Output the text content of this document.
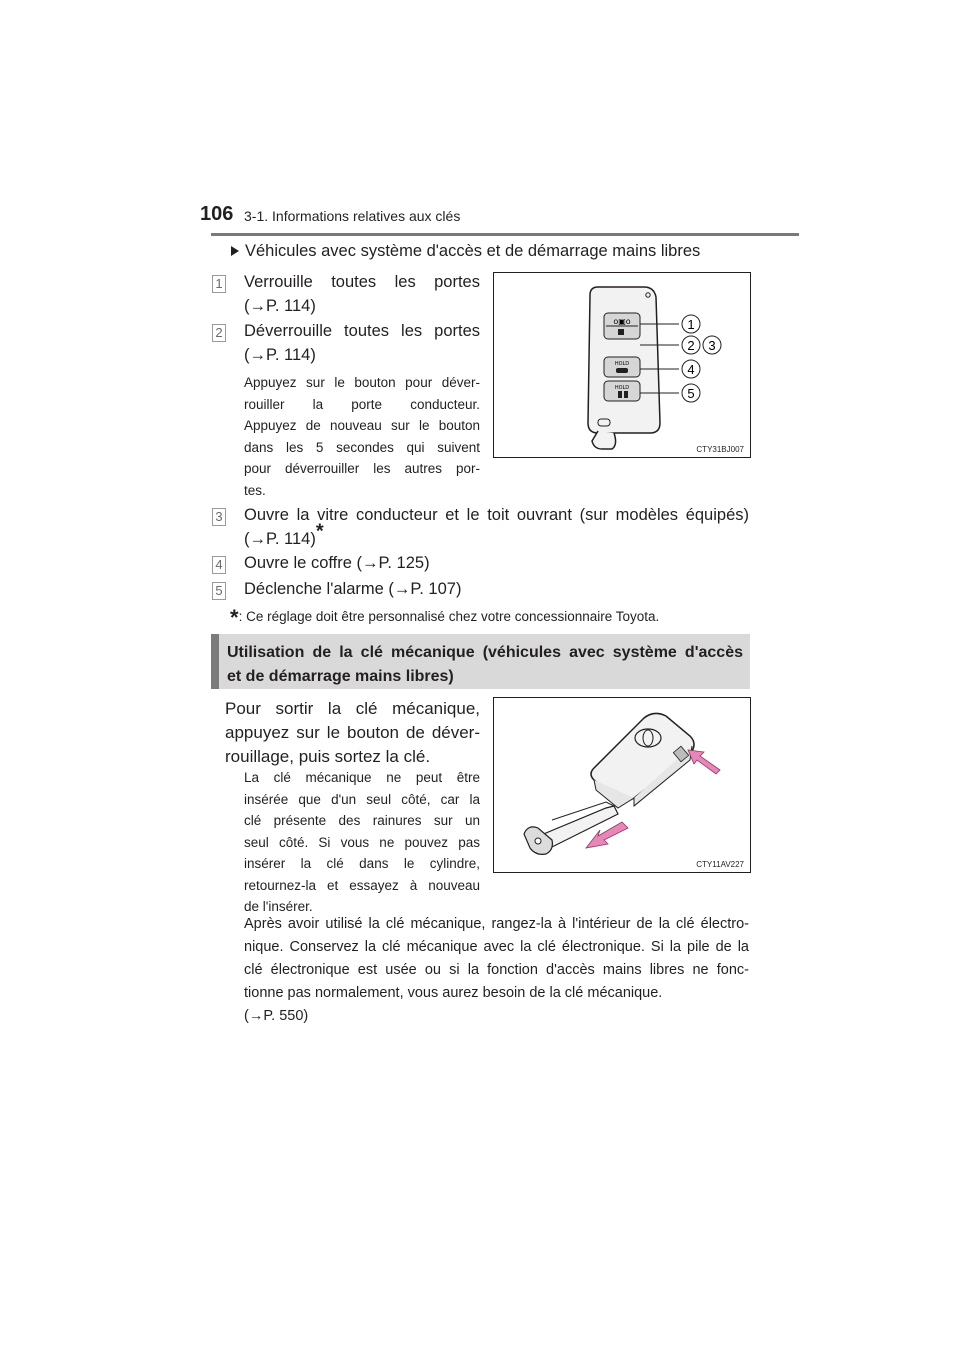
106 3-1. Informations relatives aux clés
Véhicules avec système d'accès et de démarrage mains libres
1 Verrouille toutes les portes
(→P. 114)
2 Déverrouille toutes les portes
(→P. 114)
Appuyez sur le bouton pour déver-
rouiller la porte conducteur.
Appuyez de nouveau sur le bouton
dans les 5 secondes qui suivent
pour déverrouiller les autres por-
tes.
o▣o
HOLD
HOLD
1
2 3
4
5
CTY31BJ007
3 Ouvre la vitre conducteur et le toit ouvrant (sur modèles équipés)
(→P. 114)*
4 Ouvre le coffre (→P. 125)
5 Déclenche l'alarme (→P. 107)
*: Ce réglage doit être personnalisé chez votre concessionnaire Toyota.
Utilisation de la clé mécanique (véhicules avec système d'accès
et de démarrage mains libres)
Pour sortir la clé mécanique,
appuyez sur le bouton de déver-
rouillage, puis sortez la clé.
La clé mécanique ne peut être
insérée que d'un seul côté, car la
clé présente des rainures sur un
seul côté. Si vous ne pouvez pas
insérer la clé dans le cylindre,
retournez-la et essayez à nouveau
de l'insérer.
CTY11AV227
Après avoir utilisé la clé mécanique, rangez-la à l'intérieur de la clé électro-
nique. Conservez la clé mécanique avec la clé électronique. Si la pile de la
clé électronique est usée ou si la fonction d'accès mains libres ne fonc-
tionne pas normalement, vous aurez besoin de la clé mécanique.
(→P. 550)
